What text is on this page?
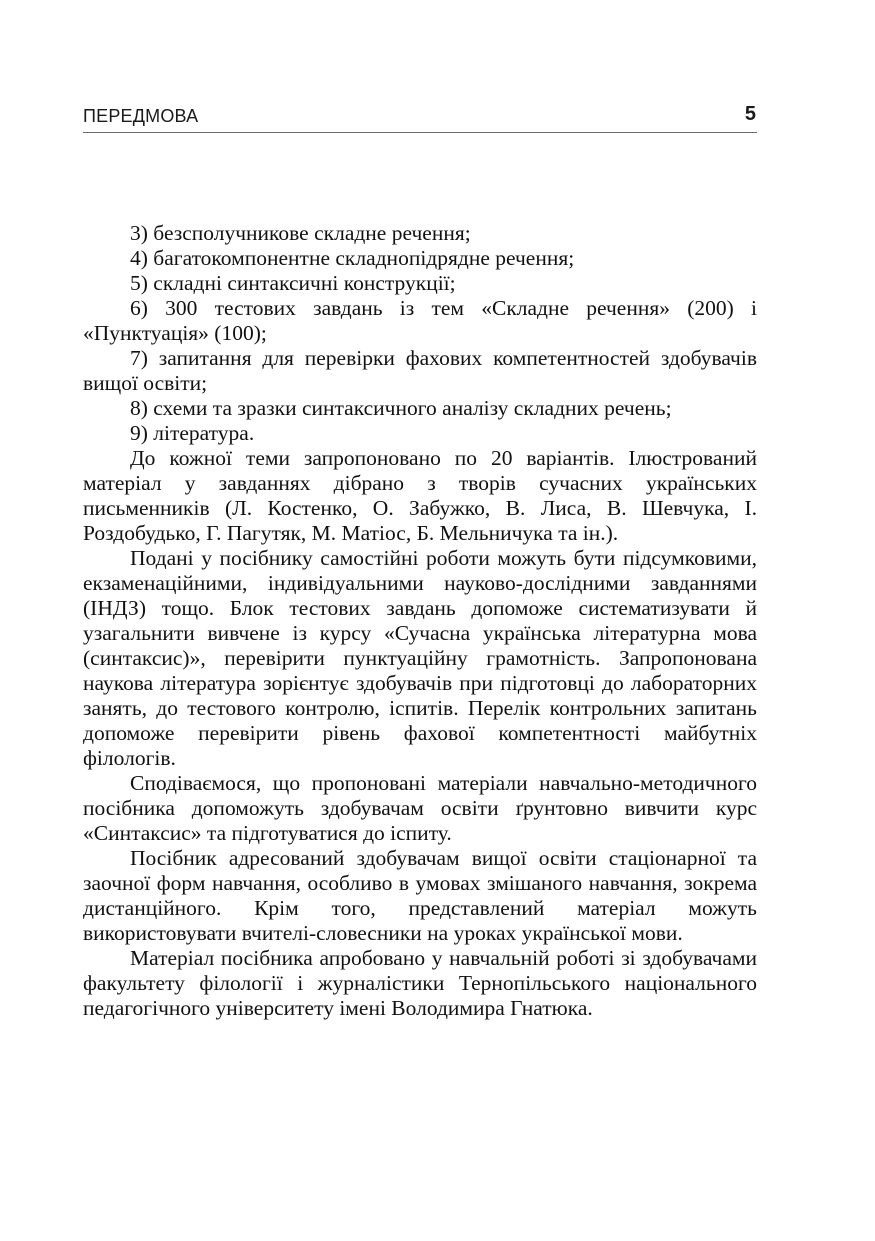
ПЕРЕДМОВА	5

3) безсполучникове складне речення;

4) багатокомпонентне складнопідрядне речення;

5) складні синтаксичні конструкції;

6) 300 тестових завдань із тем «Складне речення» (200) і «Пунктуація» (100);

7) запитання для перевірки фахових компетентностей здобувачів вищої освіти;

8) схеми та зразки синтаксичного аналізу складних речень;

9) література.

До кожної теми запропоновано по 20 варіантів. Ілюстрований матеріал у завданнях дібрано з творів сучасних українських письменників (Л. Костенко, О. Забужко, В. Лиса, В. Шевчука, І. Роздобудько, Г. Пагутяк, М. Матіос, Б. Мельничука та ін.).

Подані у посібнику самостійні роботи можуть бути підсумковими, екзаменаційними, індивідуальними науково-дослідними завданнями (ІНДЗ) тощо. Блок тестових завдань допоможе систематизувати й узагальнити вивчене із курсу «Сучасна українська літературна мова (синтаксис)», перевірити пунктуаційну грамотність. Запропонована наукова література зорієнтує здобувачів при підготовці до лабораторних занять, до тестового контролю, іспитів. Перелік контрольних запитань допоможе перевірити рівень фахової компетентності майбутніх філологів.

Сподіваємося, що пропоновані матеріали навчально-методичного посібника допоможуть здобувачам освіти ґрунтовно вивчити курс «Синтаксис» та підготуватися до іспиту.

Посібник адресований здобувачам вищої освіти стаціонарної та заочної форм навчання, особливо в умовах змішаного навчання, зокрема дистанційного. Крім того, представлений матеріал можуть використовувати вчителі-словесники на уроках української мови.

Матеріал посібника апробовано у навчальній роботі зі здобувачами факультету філології і журналістики Тернопільського національного педагогічного університету імені Володимира Гнатюка.
